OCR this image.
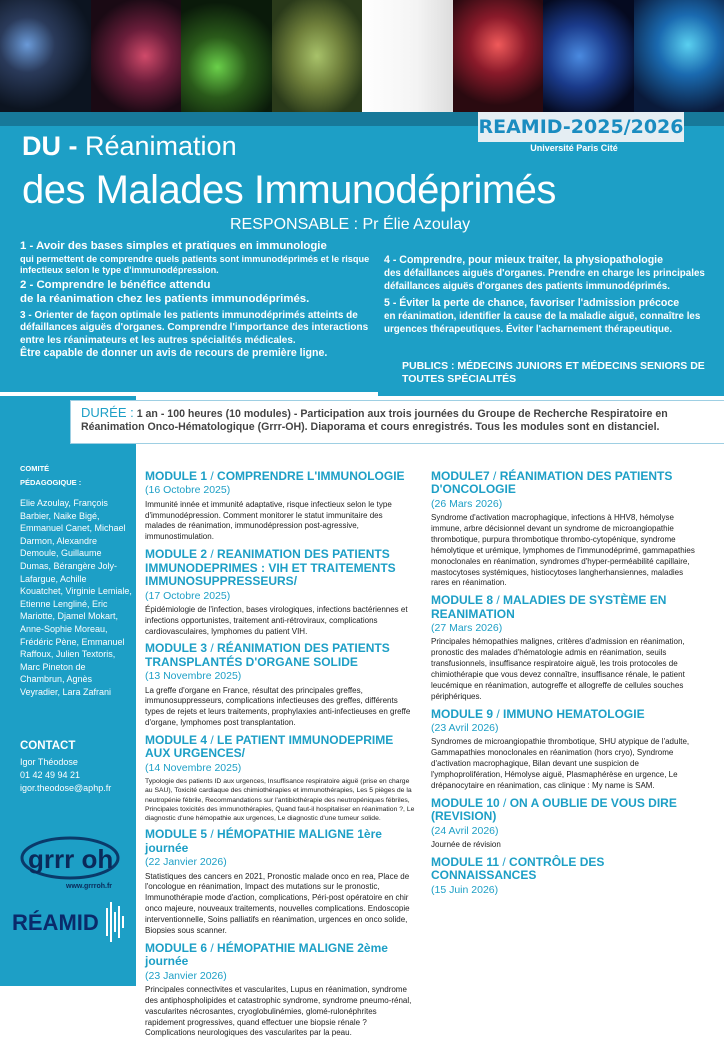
REAMID-2025/2026
Université Paris Cité
DU - Réanimation
des Malades Immunodéprimés
RESPONSABLE : Pr Élie Azoulay
1 - Avoir des bases simples et pratiques en immunologie
qui permettent de comprendre quels patients sont immunodéprimés et le risque infectieux selon le type d'immunodépression.
2 - Comprendre le bénéfice attendu
de la réanimation chez les patients immunodéprimés.
3 - Orienter de façon optimale les patients immunodéprimés atteints de défaillances aiguës d'organes. Comprendre l'importance des interactions entre les réanimateurs et les autres spécialités médicales.
Être capable de donner un avis de recours de première ligne.
4 - Comprendre, pour mieux traiter, la physiopathologie
des défaillances aiguës d'organes. Prendre en charge les principales défaillances aiguës d'organes des patients immunodéprimés.
5 - Éviter la perte de chance, favoriser l'admission précoce
en réanimation, identifier la cause de la maladie aiguë, connaître les urgences thérapeutiques. Éviter l'acharnement thérapeutique.
PUBLICS : MÉDECINS JUNIORS ET MÉDECINS SENIORS DE TOUTES SPÉCIALITÉS
DURÉE : 1 an - 100 heures (10 modules) - Participation aux trois journées du Groupe de Recherche Respiratoire en Réanimation Onco-Hématologique (Grrr-OH). Diaporama et cours enregistrés. Tous les modules sont en distanciel.
COMITÉ
PÉDAGOGIQUE :
Elie Azoulay, François Barbier, Naike Bigé, Emmanuel Canet, Michael Darmon, Alexandre Demoule, Guillaume Dumas, Bérangère Joly-Lafargue, Achille Kouatchet, Virginie Lemiale, Etienne Lengliné, Eric Mariotte, Djamel Mokart, Anne-Sophie Moreau, Frédéric Pène, Emmanuel Raffoux, Julien Textoris, Marc Pineton de Chambrun, Agnès Veyradier, Lara Zafrani
CONTACT
Igor Théodose
01 42 49 94 21
igor.theodose@aphp.fr
grrr oh
www.grrroh.fr
RÉAMID
MODULE 1 / COMPRENDRE L'IMMUNOLOGIE
(16 Octobre 2025)
Immunité innée et immunité adaptative, risque infectieux selon le type d'immunodépression. Comment monitorer le statut immunitaire des malades de réanimation, immunodépression post-agressive, immunostimulation.
MODULE 2 / REANIMATION DES PATIENTS IMMUNODEPRIMES : VIH ET TRAITEMENTS IMMUNOSUPPRESSEURS/
(17 Octobre 2025)
Épidémiologie de l'infection, bases virologiques, infections bactériennes et infections opportunistes, traitement anti-rétroviraux, complications cardiovasculaires, lymphomes du patient VIH.
MODULE 3 / RÉANIMATION DES PATIENTS TRANSPLANTÉS D'ORGANE SOLIDE
(13 Novembre 2025)
La greffe d'organe en France, résultat des principales greffes, immunosuppresseurs, complications infectieuses des greffes, différents types de rejets et leurs traitements, prophylaxies anti-infectieuses en greffe d'organe, lymphomes post transplantation.
MODULE 4 / LE PATIENT IMMUNODEPRIME AUX URGENCES/
(14 Novembre 2025)
Typologie des patients ID aux urgences, Insuffisance respiratoire aiguë (prise en charge au SAU), Toxicité cardiaque des chimiothérapies et immunothérapies, Les 5 pièges de la neutropénie fébrile, Recommandations sur l'antibiothérapie des neutropéniques fébriles, Principales toxicités des immunothérapies, Quand faut-il hospitaliser en réanimation ?, Le diagnostic d'une hémopathie aux urgences, Le diagnostic d'une tumeur solide.
MODULE 5 / HÉMOPATHIE MALIGNE 1ère journée
(22 Janvier 2026)
Statistiques des cancers en 2021, Pronostic malade onco en rea, Place de l'oncologue en réanimation, Impact des mutations sur le pronostic, Immunothérapie mode d'action, complications, Péri-post opératoire en chir onco majeure, nouveaux traitements, nouvelles complications. Endoscopie interventionnelle, Soins palliatifs en réanimation, urgences en onco solide, Biopsies sous scanner.
MODULE 6 / HÉMOPATHIE MALIGNE 2ème journée
(23 Janvier 2026)
Principales connectivites et vascularites, Lupus en réanimation, syndrome des antiphospholipides et catastrophic syndrome, syndrome pneumo-rénal, vascularites nécrosantes, cryoglobulinémies, glomé-rulonéphrites rapidement progressives, quand effectuer une biopsie rénale ? Complications neurologiques des vascularites par la peau.
MODULE7 / RÉANIMATION DES PATIENTS D'ONCOLOGIE
(26 Mars 2026)
Syndrome d'activation macrophagique, infections à HHV8, hémolyse immune, arbre décisionnel devant un syndrome de microangiopathie thrombotique, purpura thrombotique thrombo-cytopénique, syndrome hémolytique et urémique, lymphomes de l'immunodéprimé, gammapathies monoclonales en réanimation, syndromes d'hyper-perméabilité capillaire, mastocytoses systémiques, histiocytoses langherhansiennes, maladies rares en réanimation.
MODULE 8 / MALADIES DE SYSTÈME EN REANIMATION
(27 Mars 2026)
Principales hémopathies malignes, critères d'admission en réanimation, pronostic des malades d'hématologie admis en réanimation, seuils transfusionnels, insuffisance respiratoire aiguë, les trois protocoles de chimiothérapie que vous devez connaître, insuffisance rénale, le patient leucémique en réanimation, autogreffe et allogreffe de cellules souches périphériques.
MODULE 9 / IMMUNO HEMATOLOGIE
(23 Avril 2026)
Syndromes de microangiopathie thrombotique, SHU atypique de l'adulte, Gammapathies monoclonales en réanimation (hors cryo), Syndrome d'activation macrophagique, Bilan devant une suspicion de l'ymphoprolifération, Hémolyse aiguë, Plasmaphérèse en urgence, Le drépanocytaire en réanimation, cas clinique : My name is SAM.
MODULE 10 / ON A OUBLIE DE VOUS DIRE (REVISION)
(24 Avril 2026)
Journée de révision
MODULE 11 / CONTRÔLE DES CONNAISSANCES
(15 Juin 2026)
